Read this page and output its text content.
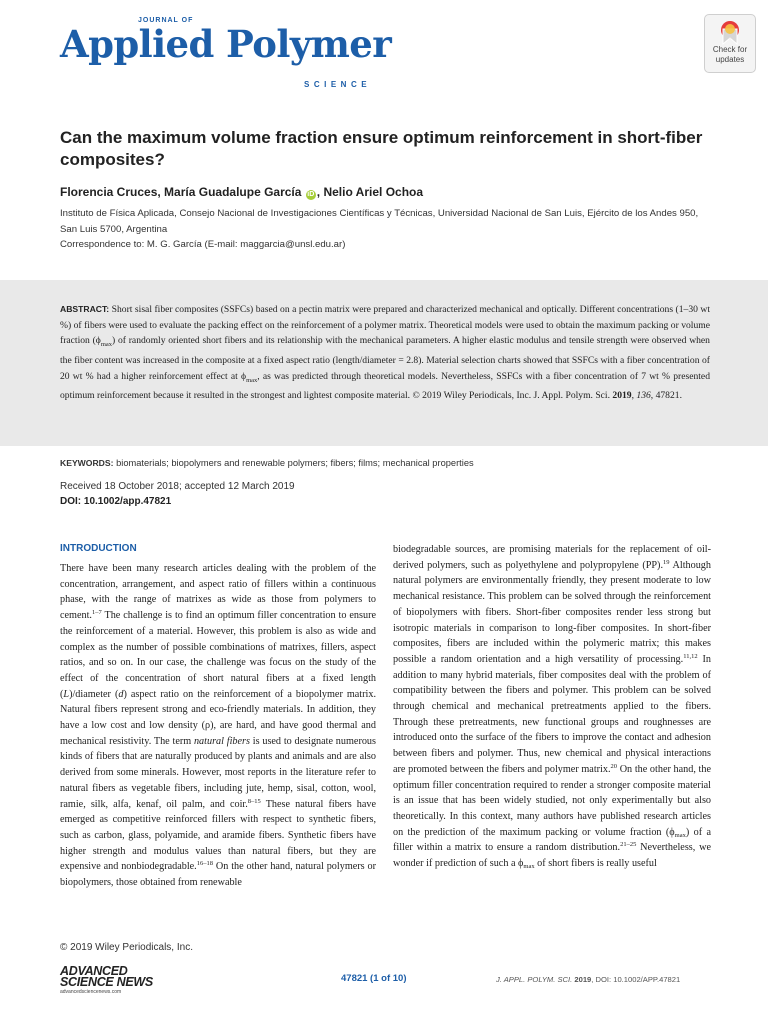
JOURNAL OF
Applied Polymer
SCIENCE
Check for
updates
Can the maximum volume fraction ensure optimum reinforcement in short-fiber composites?
Florencia Cruces, María Guadalupe García iD , Nelio Ariel Ochoa
Instituto de Física Aplicada, Consejo Nacional de Investigaciones Científicas y Técnicas, Universidad Nacional de San Luis, Ejército de los Andes 950, San Luis 5700, Argentina
Correspondence to: M. G. García (E-mail: maggarcia@unsl.edu.ar)
ABSTRACT: Short sisal fiber composites (SSFCs) based on a pectin matrix were prepared and characterized mechanical and optically. Different concentrations (1–30 wt %) of fibers were used to evaluate the packing effect on the reinforcement of a polymer matrix. Theoretical models were used to obtain the maximum packing or volume fraction $(\phi_{max})$ of randomly oriented short fibers and its relationship with the mechanical parameters. A higher elastic modulus and tensile strength were observed when the fiber content was increased in the composite at a fixed aspect ratio (length/diameter = 2.8). Material selection charts showed that SSFCs with a fiber concentration of 20 wt % had a higher reinforcement effect at $\phi_{max}$, as was predicted through theoretical models. Nevertheless, SSFCs with a fiber concentration of 7 wt % presented optimum reinforcement because it resulted in the strongest and lightest composite material. © 2019 Wiley Periodicals, Inc. J. Appl. Polym. Sci. 2019, 136, 47821.
KEYWORDS: biomaterials; biopolymers and renewable polymers; fibers; films; mechanical properties
Received 18 October 2018; accepted 12 March 2019
DOI: 10.1002/app.47821
INTRODUCTION
There have been many research articles dealing with the problem of the concentration, arrangement, and aspect ratio of fillers within a continuous phase, with the range of matrixes as wide as those from polymers to cement.$^{1-7}$ The challenge is to find an optimum filler concentration to ensure the reinforcement of a material. However, this problem is also as wide and complex as the number of possible combinations of matrixes, fillers, aspect ratios, and so on. In our case, the challenge was focus on the study of the effect of the concentration of short natural fibers at a fixed length (L)/diameter (d) aspect ratio on the reinforcement of a biopolymer matrix. Natural fibers represent strong and eco-friendly materials. In addition, they have a low cost and low density (ρ), are hard, and have good thermal and mechanical resistivity. The term natural fibers is used to designate numerous kinds of fibers that are naturally produced by plants and animals and are also derived from some minerals. However, most reports in the literature refer to natural fibers as vegetable fibers, including jute, hemp, sisal, cotton, wool, ramie, silk, alfa, kenaf, oil palm, and coir.$^{8-15}$ These natural fibers have emerged as competitive reinforced fillers with respect to synthetic fibers, such as carbon, glass, polyamide, and aramide fibers. Synthetic fibers have higher strength and modulus values than natural fibers, but they are expensive and nonbiodegradable.$^{16-18}$ On the other hand, natural polymers or biopolymers, those obtained from renewable
biodegradable sources, are promising materials for the replacement of oil-derived polymers, such as polyethylene and polypropylene (PP).$^{19}$ Although natural polymers are environmentally friendly, they present moderate to low mechanical resistance. This problem can be solved through the reinforcement of biopolymers with fibers. Short-fiber composites render less strong but isotropic materials in comparison to long-fiber composites. In short-fiber composites, fibers are included within the polymeric matrix; this makes possible a random orientation and a high versatility of processing.$^{11,12}$ In addition to many hybrid materials, fiber composites deal with the problem of compatibility between the fibers and polymer. This problem can be solved through chemical and mechanical pretreatments applied to the fibers. Through these pretreatments, new functional groups and roughnesses are introduced onto the surface of the fibers to improve the contact and adhesion between fibers and polymer. Thus, new chemical and physical interactions are promoted between the fibers and polymer matrix.$^{20}$ On the other hand, the optimum filler concentration required to render a stronger composite material is an issue that has been widely studied, not only experimentally but also theoretically. In this context, many authors have published research articles on the prediction of the maximum packing or volume fraction $(\phi_{max})$ of a filler within a matrix to ensure a random distribution.$^{21-25}$ Nevertheless, we wonder if prediction of such a $\phi_{max}$ of short fibers is really useful
© 2019 Wiley Periodicals, Inc.
ADVANCED
SCIENCE NEWS
advancedsciencenews.com
47821 (1 of 10)	J. APPL. POLYM. SCI. 2019, DOI: 10.1002/APP.47821
